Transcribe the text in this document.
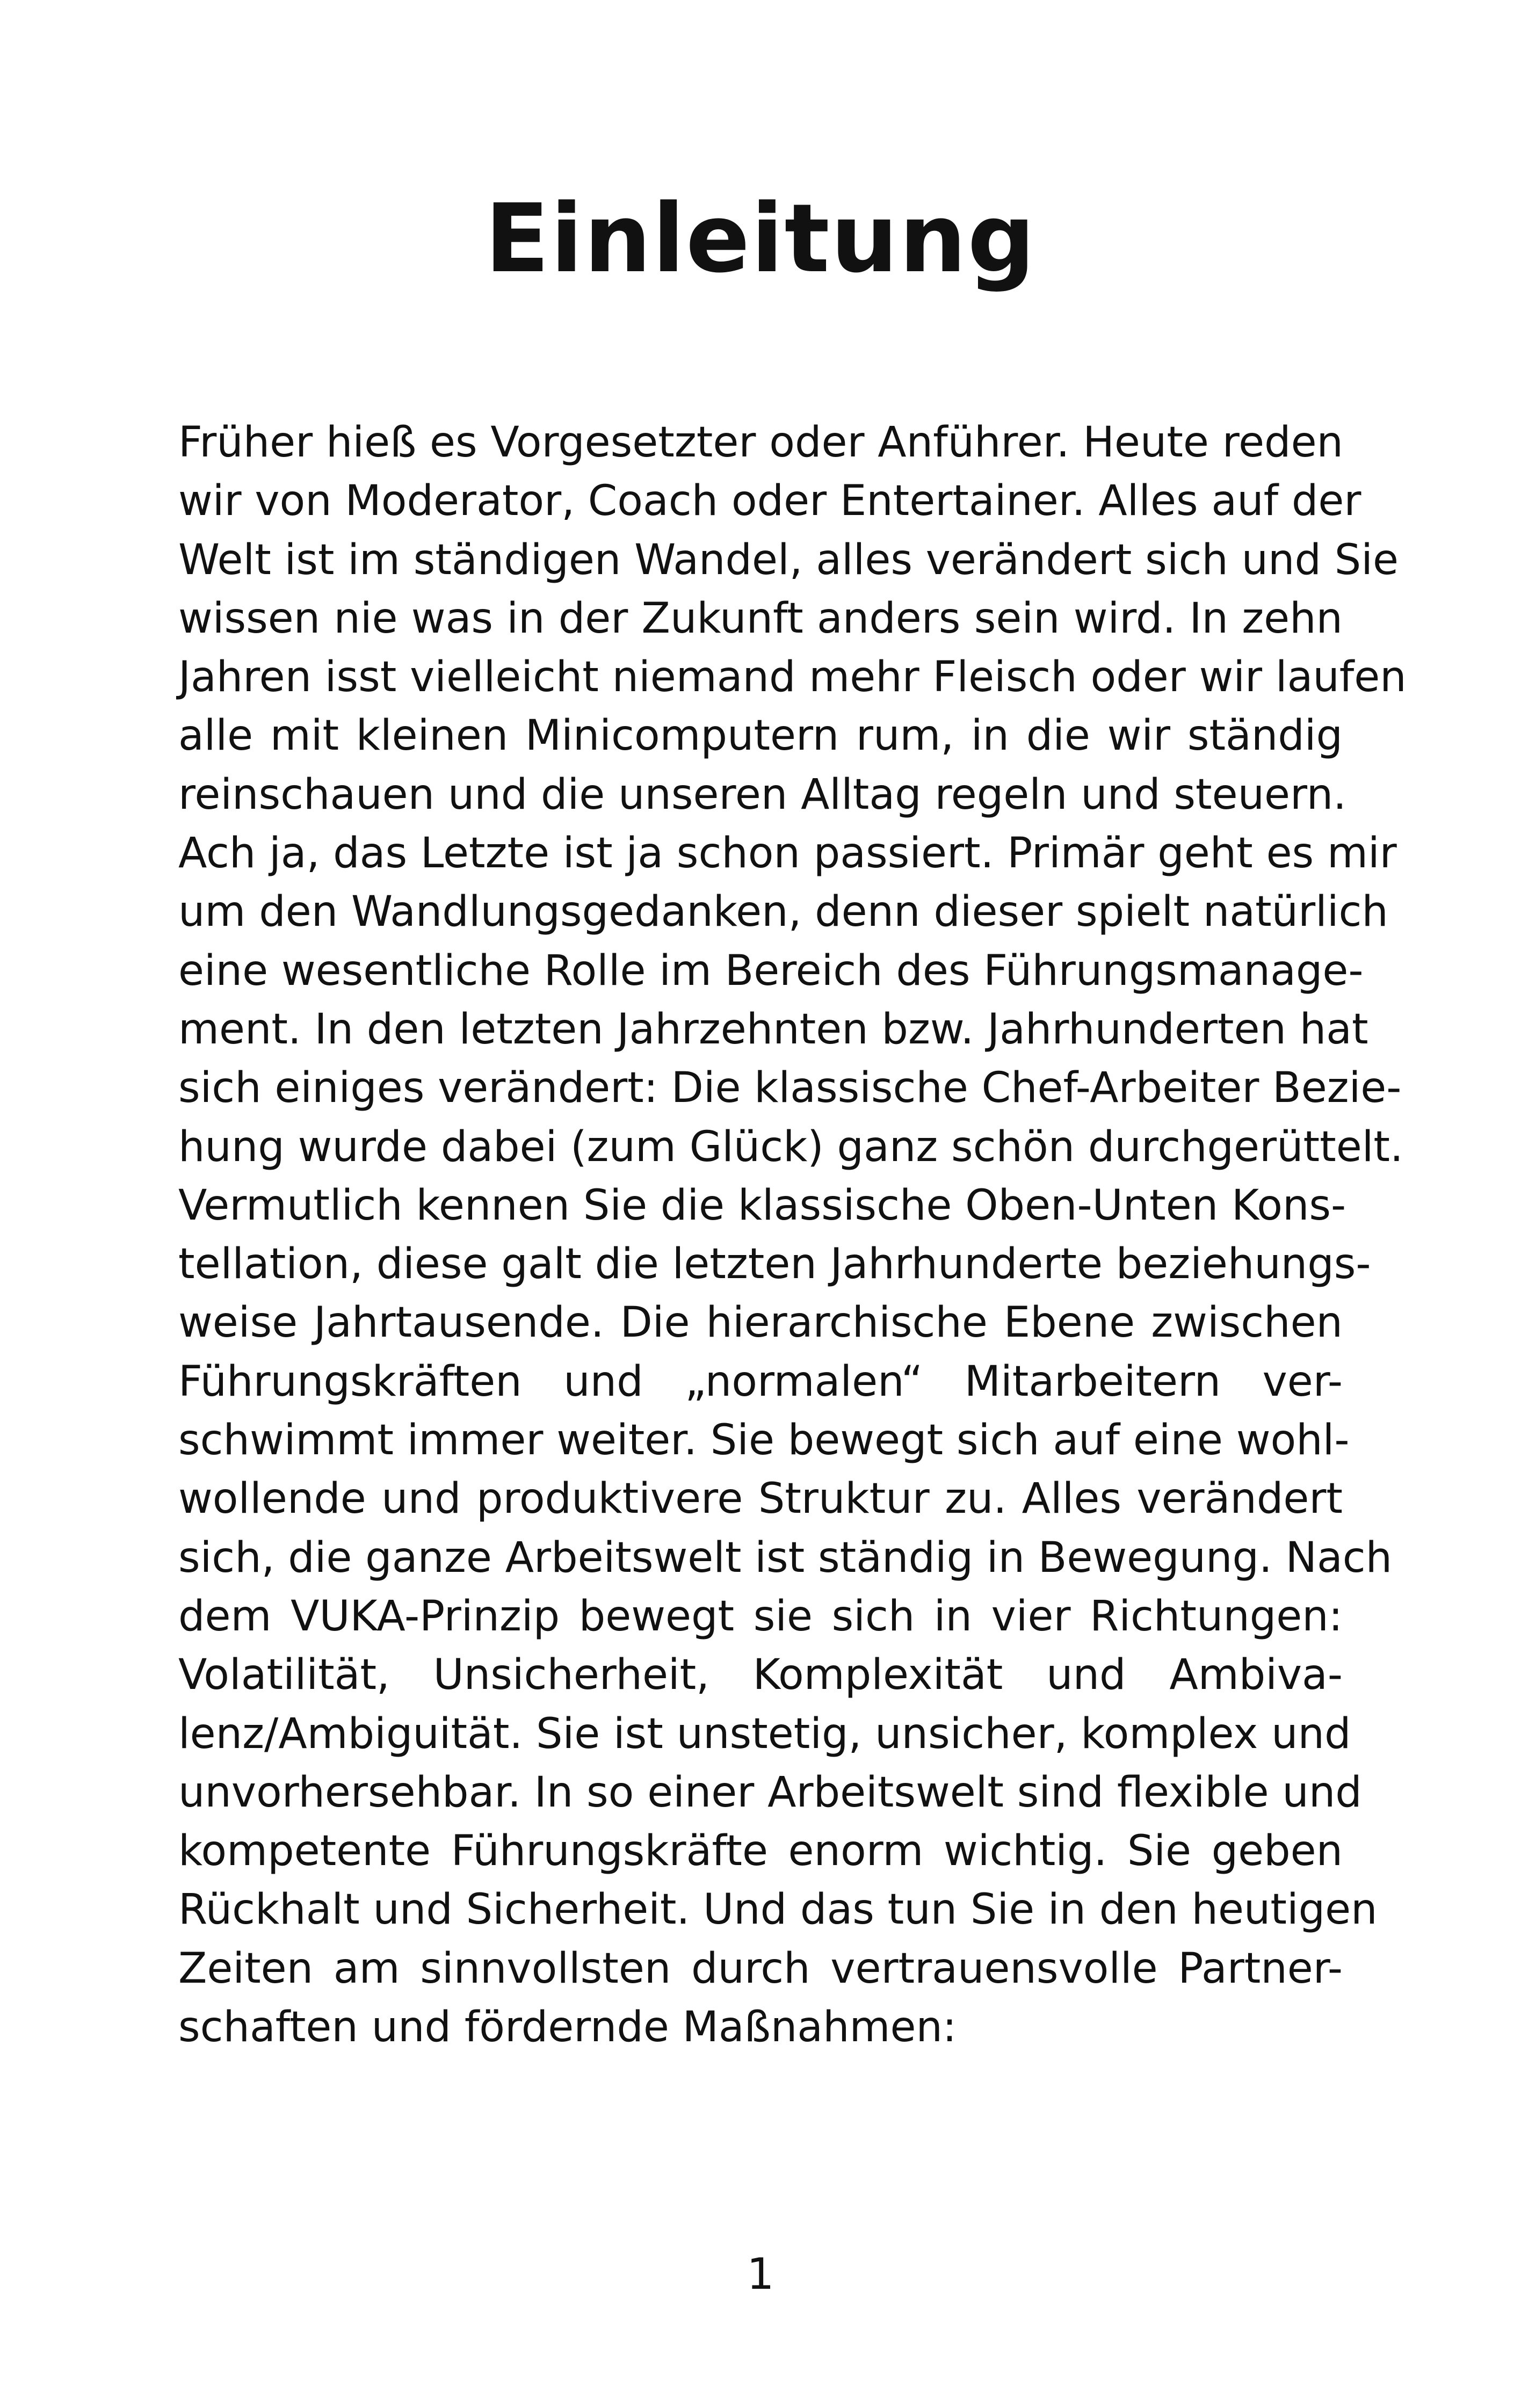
Einleitung
Früher hieß es Vorgesetzter oder Anführer. Heute reden
wir von Moderator, Coach oder Entertainer. Alles auf der
Welt ist im ständigen Wandel, alles verändert sich und Sie
wissen nie was in der Zukunft anders sein wird. In zehn
Jahren isst vielleicht niemand mehr Fleisch oder wir laufen
alle mit kleinen Minicomputern rum, in die wir ständig
reinschauen und die unseren Alltag regeln und steuern.
Ach ja, das Letzte ist ja schon passiert. Primär geht es mir
um den Wandlungsgedanken, denn dieser spielt natürlich
eine wesentliche Rolle im Bereich des Führungsmanage-
ment. In den letzten Jahrzehnten bzw. Jahrhunderten hat
sich einiges verändert: Die klassische Chef-Arbeiter Bezie-
hung wurde dabei (zum Glück) ganz schön durchgerüttelt.
Vermutlich kennen Sie die klassische Oben-Unten Kons-
tellation, diese galt die letzten Jahrhunderte beziehungs-
weise Jahrtausende. Die hierarchische Ebene zwischen
Führungskräften und „normalen“ Mitarbeitern ver-
schwimmt immer weiter. Sie bewegt sich auf eine wohl-
wollende und produktivere Struktur zu. Alles verändert
sich, die ganze Arbeitswelt ist ständig in Bewegung. Nach
dem VUKA-Prinzip bewegt sie sich in vier Richtungen:
Volatilität, Unsicherheit, Komplexität und Ambiva-
lenz/Ambiguität. Sie ist unstetig, unsicher, komplex und
unvorhersehbar. In so einer Arbeitswelt sind flexible und
kompetente Führungskräfte enorm wichtig. Sie geben
Rückhalt und Sicherheit. Und das tun Sie in den heutigen
Zeiten am sinnvollsten durch vertrauensvolle Partner-
schaften und fördernde Maßnahmen:
1
